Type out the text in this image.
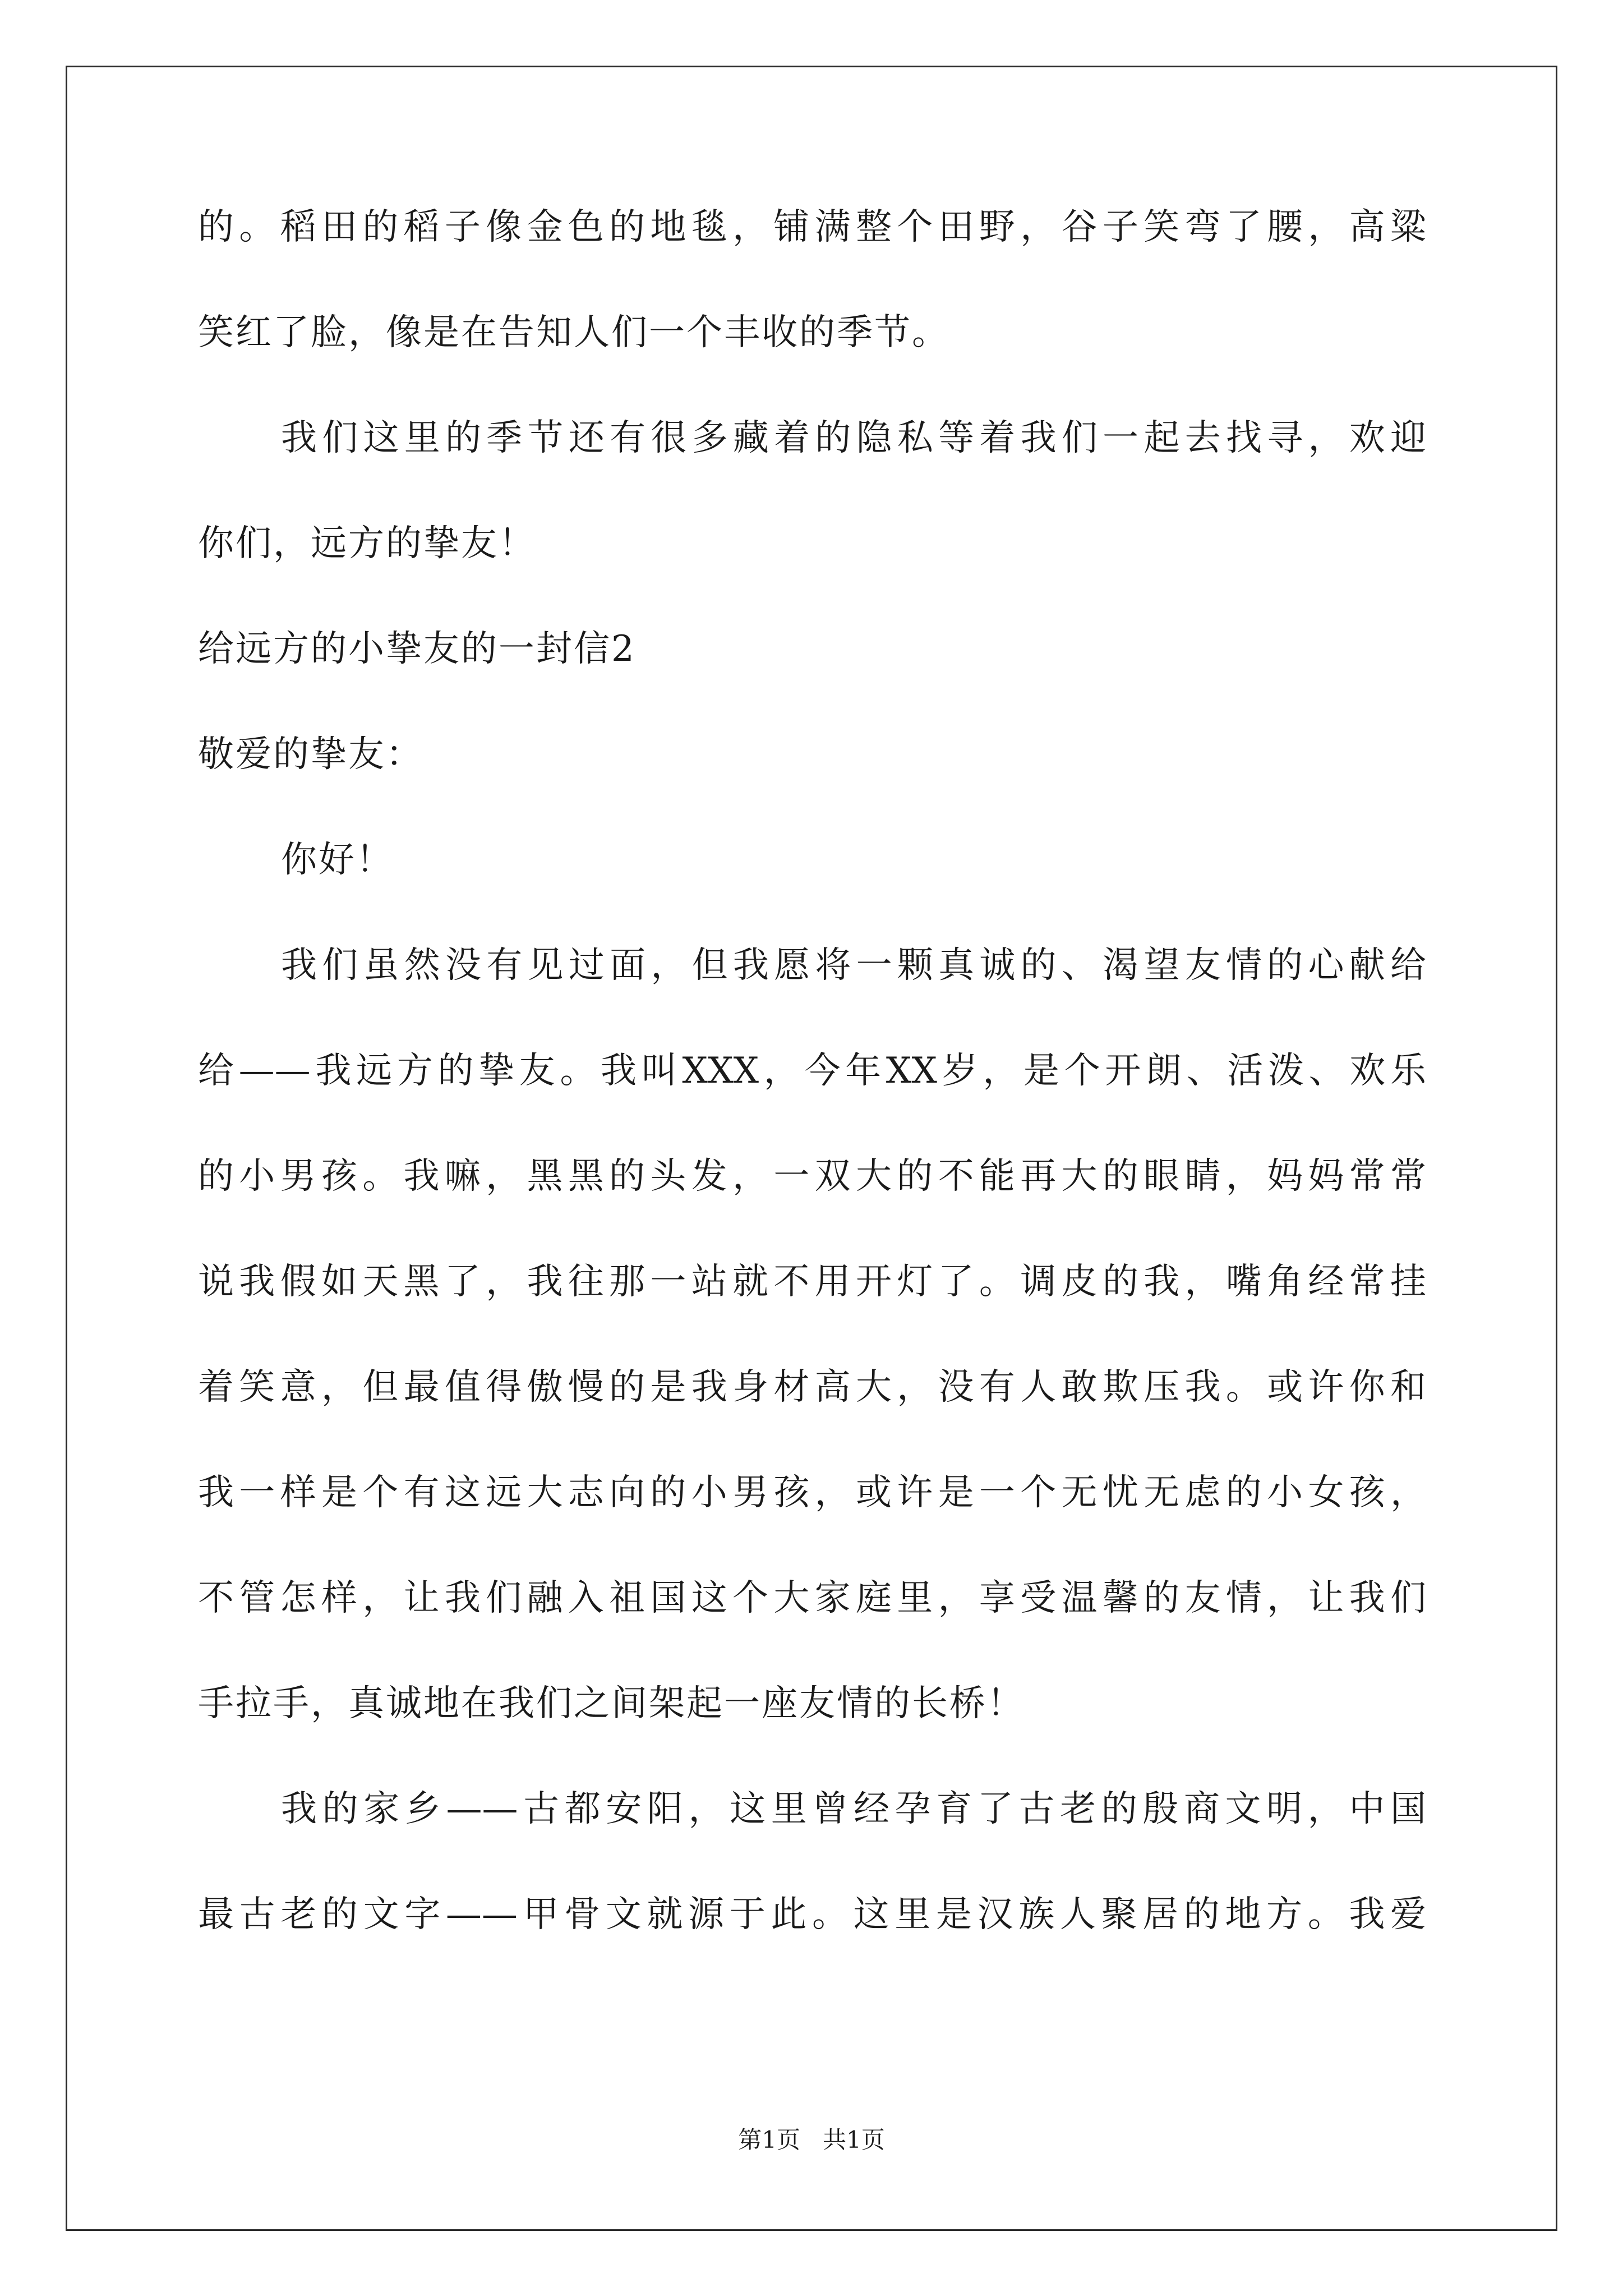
的。稻田的稻子像金色的地毯，铺满整个田野，谷子笑弯了腰，高粱
笑红了脸，像是在告知人们一个丰收的季节。
我们这里的季节还有很多藏着的隐私等着我们一起去找寻，欢迎
你们，远方的挚友！
给远方的小挚友的一封信2
敬爱的挚友：
你好！
我们虽然没有见过面，但我愿将一颗真诚的、渴望友情的心献给
给——我远方的挚友。我叫XXX，今年XX岁，是个开朗、活泼、欢乐
的小男孩。我嘛，黑黑的头发，一双大的不能再大的眼睛，妈妈常常
说我假如天黑了，我往那一站就不用开灯了。调皮的我，嘴角经常挂
着笑意，但最值得傲慢的是我身材高大，没有人敢欺压我。或许你和
我一样是个有这远大志向的小男孩，或许是一个无忧无虑的小女孩，
不管怎样，让我们融入祖国这个大家庭里，享受温馨的友情，让我们
手拉手，真诚地在我们之间架起一座友情的长桥！
我的家乡——古都安阳，这里曾经孕育了古老的殷商文明，中国
最古老的文字——甲骨文就源于此。这里是汉族人聚居的地方。我爱
第1页   共1页
